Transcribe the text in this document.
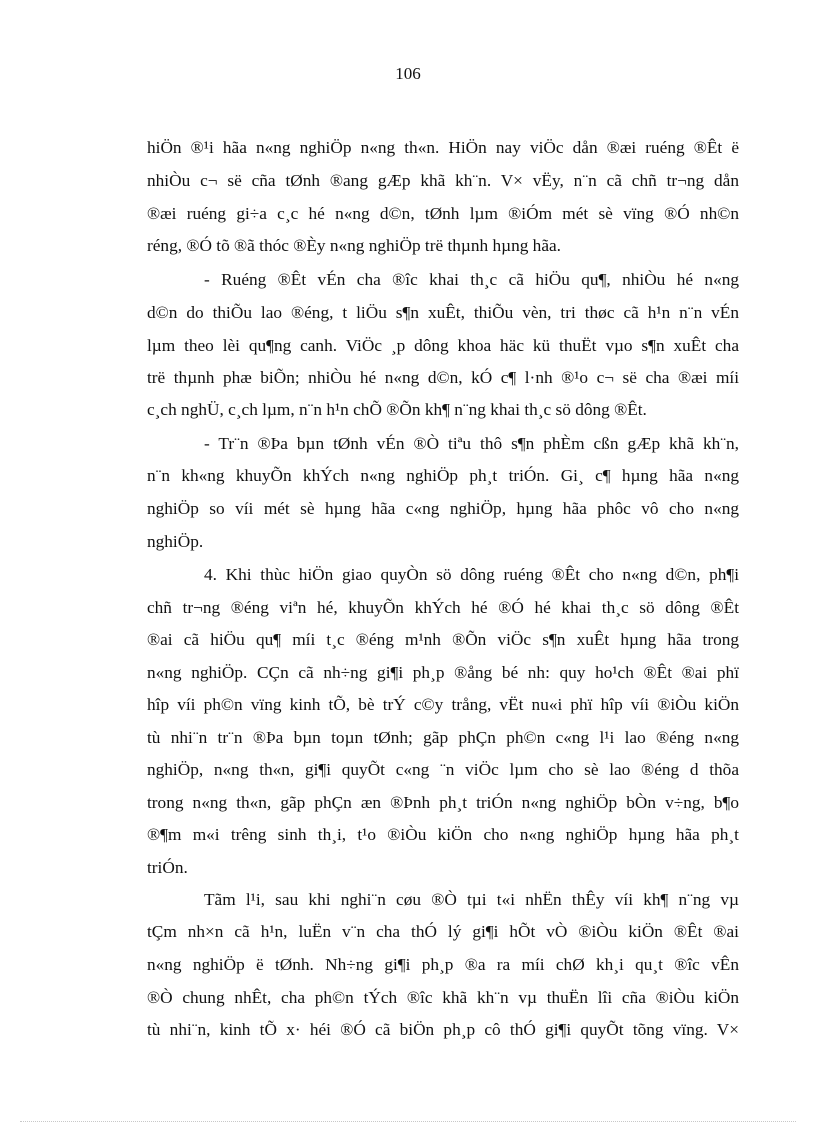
106
hiÖn ®¹i hãa n«ng nghiÖp n«ng th«n. HiÖn nay viÖc dån ®æi ruéng ®Êt ë
nhiÒu c¬ së cña tØnh ®ang gÆp khã kh¨n. V× vËy, n¨n cã chñ tr¬ng dån
®æi ruéng gi÷a c¸c hé n«ng d©n, tØnh lµm ®iÓm mét sè vïng ®Ó nh©n
réng, ®Ó tõ ®ã thóc ®Èy n«ng nghiÖp trë thµnh hµng hãa.
- Ruéng ®Êt vÉn cha ®îc khai th¸c cã hiÖu qu¶, nhiÒu hé n«ng
d©n do thiÕu lao ®éng, t liÖu s¶n xuÊt, thiÕu vèn, tri thøc cã h¹n n¨n vÉn
lµm theo lèi qu¶ng canh. ViÖc ¸p dông khoa häc kü thuËt vµo s¶n xuÊt cha
trë thµnh phæ biÕn; nhiÒu hé n«ng d©n, kÓ c¶ l·nh ®¹o c¬ së cha ®æi míi
c¸ch nghÜ, c¸ch lµm, n¨n h¹n chÕ ®Õn kh¶ n¨ng khai th¸c sö dông ®Êt.
- Tr¨n ®Þa bµn tØnh vÉn ®Ò tiªu thô s¶n phÈm cßn gÆp khã kh¨n,
n¨n kh«ng khuyÕn khÝch n«ng nghiÖp ph¸t triÓn. Gi¸ c¶ hµng hãa n«ng
nghiÖp so víi mét sè hµng hãa c«ng nghiÖp, hµng hãa phôc vô cho n«ng
nghiÖp.
4. Khi thùc hiÖn giao quyÒn sö dông ruéng ®Êt cho n«ng d©n, ph¶i
chñ tr¬ng ®éng viªn hé, khuyÕn khÝch hé ®Ó hé khai th¸c sö dông ®Êt
®ai cã hiÖu qu¶ míi t¸c ®éng m¹nh ®Õn viÖc s¶n xuÊt hµng hãa trong
n«ng nghiÖp. CÇn cã nh÷ng gi¶i ph¸p ®ång bé nh: quy ho¹ch ®Êt ®ai phï
hîp víi ph©n vïng kinh tÕ, bè trÝ c©y trång, vËt nu«i phï hîp víi ®iÒu kiÖn
tù nhi¨n tr¨n ®Þa bµn toµn tØnh; gãp phÇn ph©n c«ng l¹i lao ®éng n«ng
nghiÖp, n«ng th«n, gi¶i quyÕt c«ng ¨n viÖc lµm cho sè lao ®éng d thõa
trong n«ng th«n, gãp phÇn æn ®Þnh ph¸t triÓn n«ng nghiÖp bÒn v÷ng, b¶o
®¶m m«i trêng sinh th¸i, t¹o ®iÒu kiÖn cho n«ng nghiÖp hµng hãa ph¸t
triÓn.
Tãm l¹i, sau khi nghi¨n cøu ®Ò tµi t«i nhËn thÊy víi kh¶ n¨ng vµ
tÇm nh×n cã h¹n, luËn v¨n cha thÓ lý gi¶i hÕt vÒ ®iÒu kiÖn ®Êt ®ai
n«ng nghiÖp ë tØnh. Nh÷ng gi¶i ph¸p ®a ra míi chØ kh¸i qu¸t ®îc vÊn
®Ò chung nhÊt, cha ph©n tÝch ®îc khã kh¨n vµ thuËn lîi cña ®iÒu kiÖn
tù nhi¨n, kinh tÕ x· héi ®Ó cã biÖn ph¸p cô thÓ gi¶i quyÕt tõng vïng. V×
